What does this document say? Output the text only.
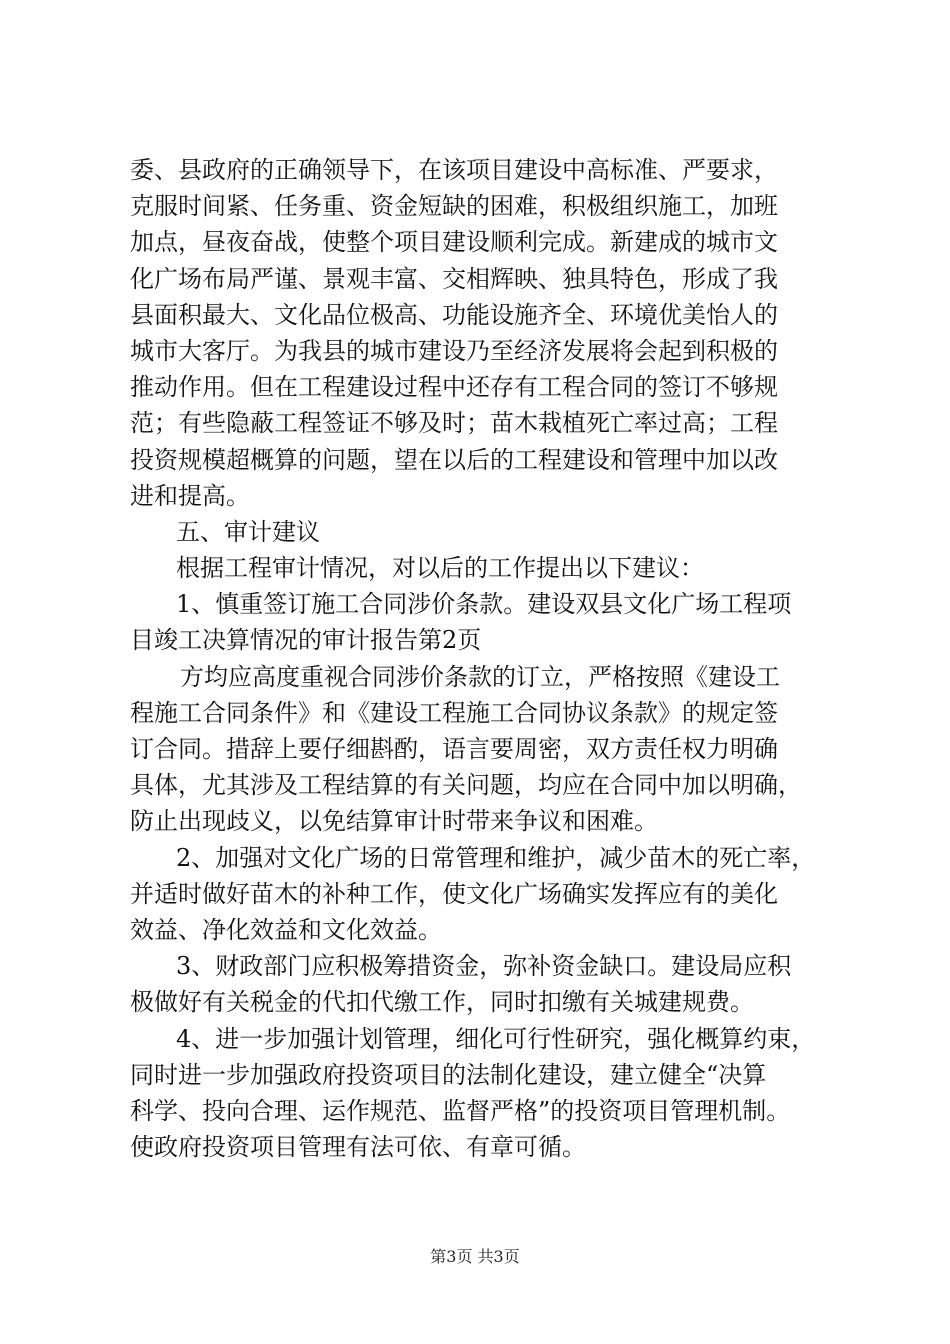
委、县政府的正确领导下，在该项目建设中高标准、严要求，
克服时间紧、任务重、资金短缺的困难，积极组织施工，加班
加点，昼夜奋战，使整个项目建设顺利完成。新建成的城市文
化广场布局严谨、景观丰富、交相辉映、独具特色，形成了我
县面积最大、文化品位极高、功能设施齐全、环境优美怡人的
城市大客厅。为我县的城市建设乃至经济发展将会起到积极的
推动作用。但在工程建设过程中还存有工程合同的签订不够规
范；有些隐蔽工程签证不够及时；苗木栽植死亡率过高；工程
投资规模超概算的问题，望在以后的工程建设和管理中加以改
进和提高。
五、审计建议
根据工程审计情况，对以后的工作提出以下建议：
1、慎重签订施工合同涉价条款。建设双县文化广场工程项
目竣工决算情况的审计报告第2页
方均应高度重视合同涉价条款的订立，严格按照《建设工
程施工合同条件》和《建设工程施工合同协议条款》的规定签
订合同。措辞上要仔细斟酌，语言要周密，双方责任权力明确
具体，尤其涉及工程结算的有关问题，均应在合同中加以明确，
防止出现歧义，以免结算审计时带来争议和困难。
2、加强对文化广场的日常管理和维护，减少苗木的死亡率，
并适时做好苗木的补种工作，使文化广场确实发挥应有的美化
效益、净化效益和文化效益。
3、财政部门应积极筹措资金，弥补资金缺口。建设局应积
极做好有关税金的代扣代缴工作，同时扣缴有关城建规费。
4、进一步加强计划管理，细化可行性研究，强化概算约束，
同时进一步加强政府投资项目的法制化建设，建立健全“决算
科学、投向合理、运作规范、监督严格”的投资项目管理机制。
使政府投资项目管理有法可依、有章可循。
第3页 共3页
